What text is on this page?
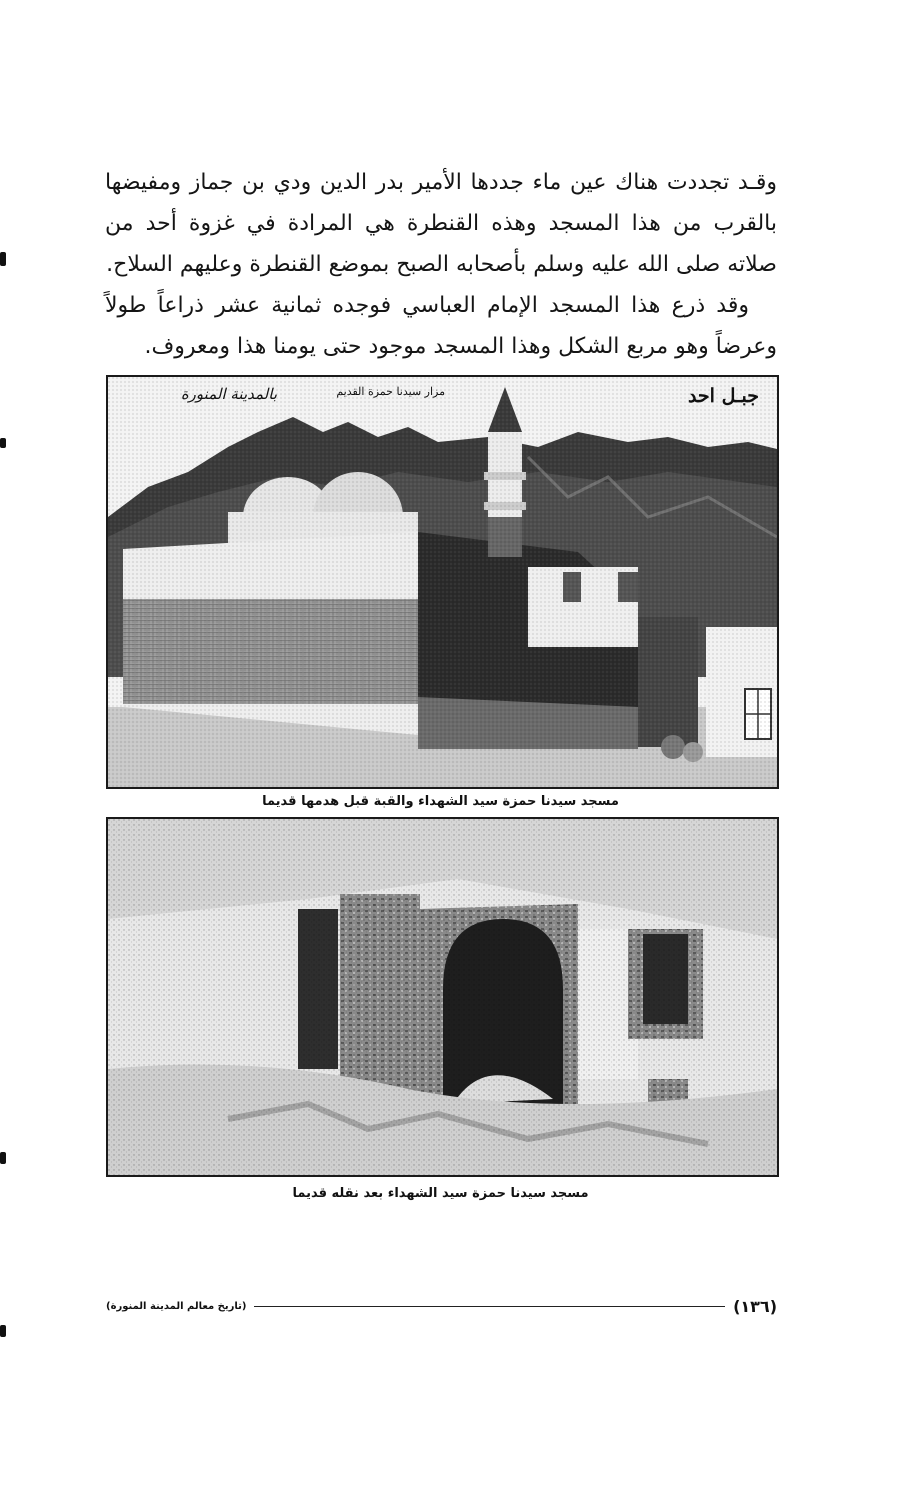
وقـد تجددت هناك عين ماء جددها الأمير بدر الدين ودي بن جماز ومفيضها بالقرب من هذا المسجد وهذه القنطرة هي المرادة في غزوة أحد من صلاته صلى الله عليه وسلم بأصحابه الصبح بموضع القنطرة وعليهم السلاح.

وقد ذرع هذا المسجد الإمام العباسي فوجده ثمانية عشر ذراعاً طولاً وعرضاً وهو مربع الشكل وهذا المسجد موجود حتى يومنا هذا ومعروف.

جبـل احد
مزار سيدنا حمزة القديم
بالمدينة المنورة
مسجد سيدنا حمزة سيد الشهداء والقبة قبل هدمها قديما
مسجد سيدنا حمزة سيد الشهداء بعد نقله قديما
(١٣٦)
(تاريخ معالم المدينة المنورة)
